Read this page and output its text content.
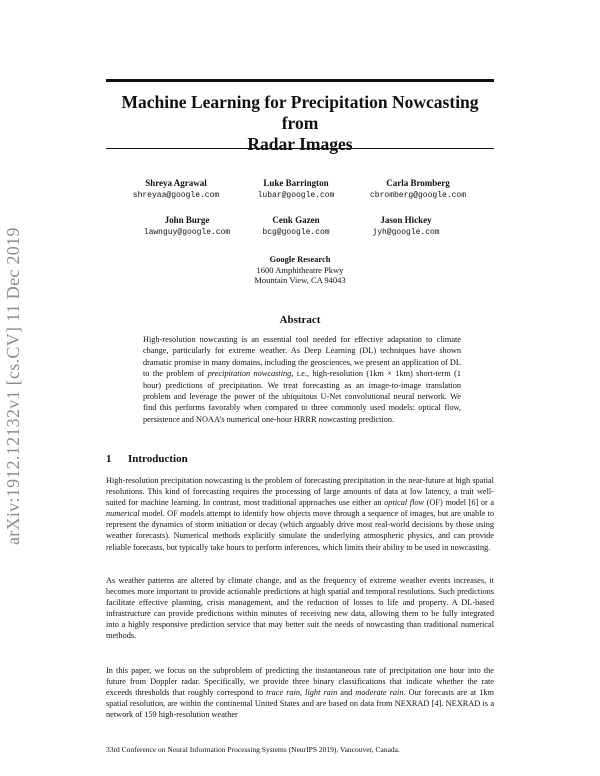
arXiv:1912.12132v1 [cs.CV] 11 Dec 2019
Machine Learning for Precipitation Nowcasting from
Radar Images
Shreya Agrawal
shreyaa@google.com
Luke Barrington
lubar@google.com
Carla Bromberg
cbromberg@google.com
John Burge
lawnguy@google.com
Cenk Gazen
bcg@google.com
Jason Hickey
jyh@google.com
Google Research
1600 Amphitheatre Pkwy
Mountain View, CA 94043
Abstract
High-resolution nowcasting is an essential tool needed for effective adaptation to climate change, particularly for extreme weather. As Deep Learning (DL) techniques have shown dramatic promise in many domains, including the geosciences, we present an application of DL to the problem of precipitation nowcasting, i.e., high-resolution (1km × 1km) short-term (1 hour) predictions of precipitation. We treat forecasting as an image-to-image translation problem and leverage the power of the ubiquitous U-Net convolutional neural network. We find this performs favorably when compared to three commonly used models: optical flow, persistence and NOAA’s numerical one-hour HRRR nowcasting prediction.
1 Introduction

High-resolution precipitation nowcasting is the problem of forecasting precipitation in the near-future at high spatial resolutions. This kind of forecasting requires the processing of large amounts of data at low latency, a trait well-suited for machine learning. In contrast, most traditional approaches use either an optical flow (OF) model [6] or a numerical model. OF models attempt to identify how objects move through a sequence of images, but are unable to represent the dynamics of storm initiation or decay (which arguably drive most real-world decisions by those using weather forecasts). Numerical methods explicitly simulate the underlying atmospheric physics, and can provide reliable forecasts, but typically take hours to perform inferences, which limits their ability to be used in nowcasting.

As weather patterns are altered by climate change, and as the frequency of extreme weather events increases, it becomes more important to provide actionable predictions at high spatial and temporal resolutions. Such predictions facilitate effective planning, crisis management, and the reduction of losses to life and property. A DL-based infrastructure can provide predictions within minutes of receiving new data, allowing them to be fully integrated into a highly responsive prediction service that may better suit the needs of nowcasting than traditional numerical methods.

In this paper, we focus on the subproblem of predicting the instantaneous rate of precipitation one hour into the future from Doppler radar. Specifically, we provide three binary classifications that indicate whether the rate exceeds thresholds that roughly correspond to trace rain, light rain and moderate rain. Our forecasts are at 1km spatial resolution, are within the continental United States and are based on data from NEXRAD [4]. NEXRAD is a network of 159 high-resolution weather

33rd Conference on Neural Information Processing Systems (NeurIPS 2019), Vancouver, Canada.
